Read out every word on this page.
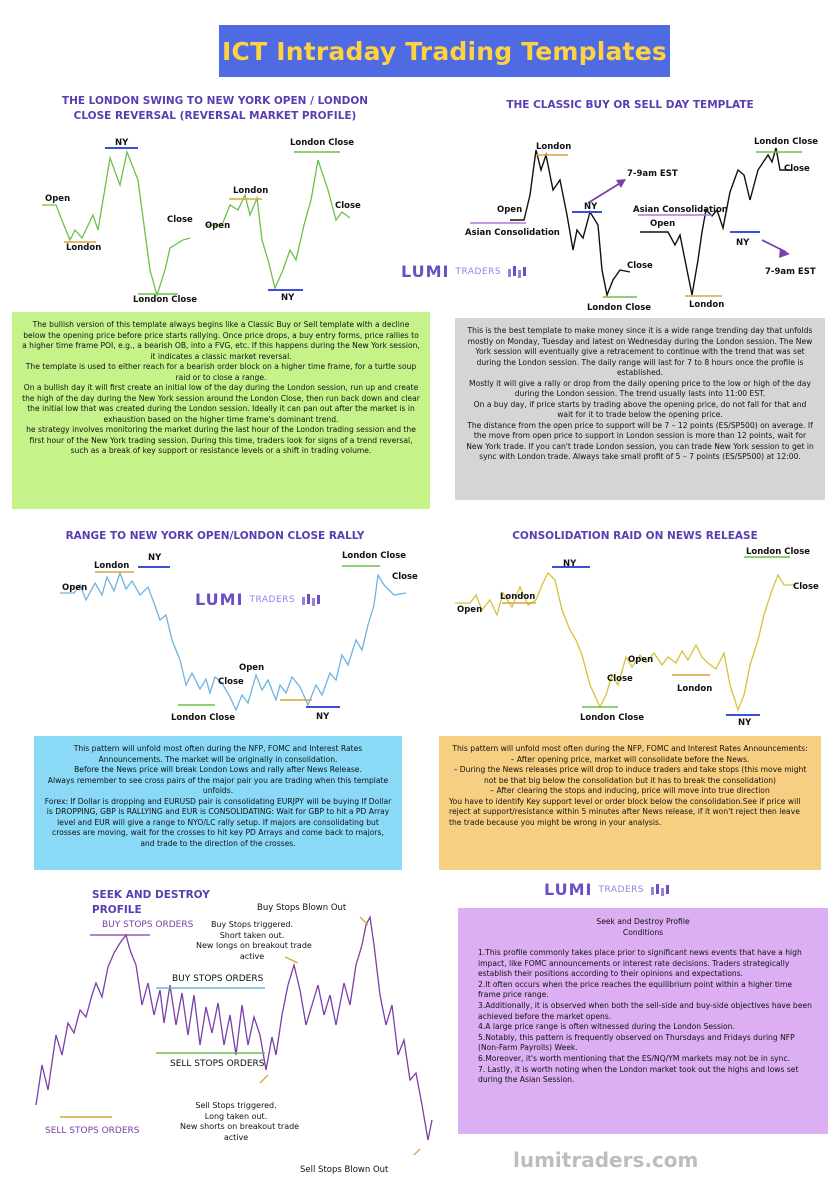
ICT Intraday Trading Templates
THE LONDON SWING TO NEW YORK OPEN / LONDON
CLOSE REVERSAL (REVERSAL MARKET PROFILE)
Open
London
NY
Close
London Close
Open
London
NY
Close
London Close
THE CLASSIC BUY OR SELL DAY TEMPLATE
London
Open
Asian Consolidation
NY
7-9am EST
Close
London Close
London Close
Close
Asian Consolidation
Open
NY
London
7-9am EST
LUMI TRADERS

The bullish version of this template always begins like a Classic Buy or Sell template with a decline below the opening price before price starts rallying. Once price drops, a buy entry forms, price rallies to a higher time frame POI, e.g., a bearish OB, into a FVG, etc. If this happens during the New York session, it indicates a classic market reversal.

The template is used to either reach for a bearish order block on a higher time frame, for a turtle soup raid or to close a range.

On a bullish day it will first create an initial low of the day during the London session, run up and create the high of the day during the New York session around the London Close, then run back down and clear the initial low that was created during the London session. Ideally it can pan out after the market is in exhaustion based on the higher time frame's dominant trend.

he strategy involves monitoring the market during the last hour of the London trading session and the first hour of the New York trading session. During this time, traders look for signs of a trend reversal, such as a break of key support or resistance levels or a shift in trading volume.

This is the best template to make money since it is a wide range trending day that unfolds mostly on Monday, Tuesday and latest on Wednesday during the London session. The New York session will eventually give a retracement to continue with the trend that was set during the London session. The daily range will last for 7 to 8 hours once the profile is established.

Mostly it will give a rally or drop from the daily opening price to the low or high of the day during the London session. The trend usually lasts into 11:00 EST.

On a buy day, if price starts by trading above the opening price, do not fall for that and wait for it to trade below the opening price.

The distance from the open price to support will be 7 – 12 points (ES/SP500) on average. If the move from open price to support in London session is more than 12 points, wait for New York trade. If you can't trade London session, you can trade New York session to get in sync with London trade. Always take small profit of 5 – 7 points (ES/SP500) at 12:00.

RANGE TO NEW YORK OPEN/LONDON CLOSE RALLY
Open
London
NY	London Close
Close
London Close
Open
Close
NY
LUMI TRADERS
CONSOLIDATION RAID ON NEWS RELEASE
NY
London
Open
London Close
Close
Close
Open
London
London Close	NY

This pattern will unfold most often during the NFP, FOMC and Interest Rates Announcements. The market will be originally in consolidation.

Before the News price will break London Lows and rally after News Release.

Always remember to see cross pairs of the major pair you are trading when this template unfolds.

Forex: If Dollar is dropping and EURUSD pair is consolidating EURJPY will be buying If Dollar is DROPPING, GBP is RALLYING and EUR is CONSOLIDATING: Wait for GBP to hit a PD Array level and EUR will give a range to NYO/LC rally setup. If majors are consolidating but crosses are moving, wait for the crosses to hit key PD Arrays and come back to majors, and trade to the direction of the crosses.

This pattern will unfold most often during the NFP, FOMC and Interest Rates Announcements:

– After opening price, market will consolidate before the News.

– During the News releases price will drop to induce traders and take stops (this move might not be that big below the consolidation but it has to break the consolidation)

– After clearing the stops and inducing, price will move into true direction

You have to identify Key support level or order block below the consolidation.See if price will reject at support/resistance within 5 minutes after News release, if it won't reject then leave the trade because you might be wrong in your analysis.

SEEK AND DESTROY PROFILE
BUY STOPS ORDERS
BUY STOPS ORDERS
SELL STOPS ORDERS
SELL STOPS ORDERS
Buy Stops Blown Out
Sell Stops Blown Out
Buy Stops triggered.
Short taken out.
New longs on breakout trade
active
Sell Stops triggered.
Long taken out.
New shorts on breakout trade
active
LUMI TRADERS
Seek and Destroy Profile
Conditions
1.This profile commonly takes place prior to significant news events that have a high impact, like FOMC announcements or interest rate decisions. Traders strategically establish their positions according to their opinions and expectations.
2.It often occurs when the price reaches the equilibrium point within a higher time frame price range.
3.Additionally, it is observed when both the sell-side and buy-side objectives have been achieved before the market opens.
4.A large price range is often witnessed during the London Session.
5.Notably, this pattern is frequently observed on Thursdays and Fridays during NFP (Non-Farm Payrolls) Week.
6.Moreover, it's worth mentioning that the ES/NQ/YM markets may not be in sync.
7. Lastly, it is worth noting when the London market took out the highs and lows set during the Asian Session.
lumitraders.com
